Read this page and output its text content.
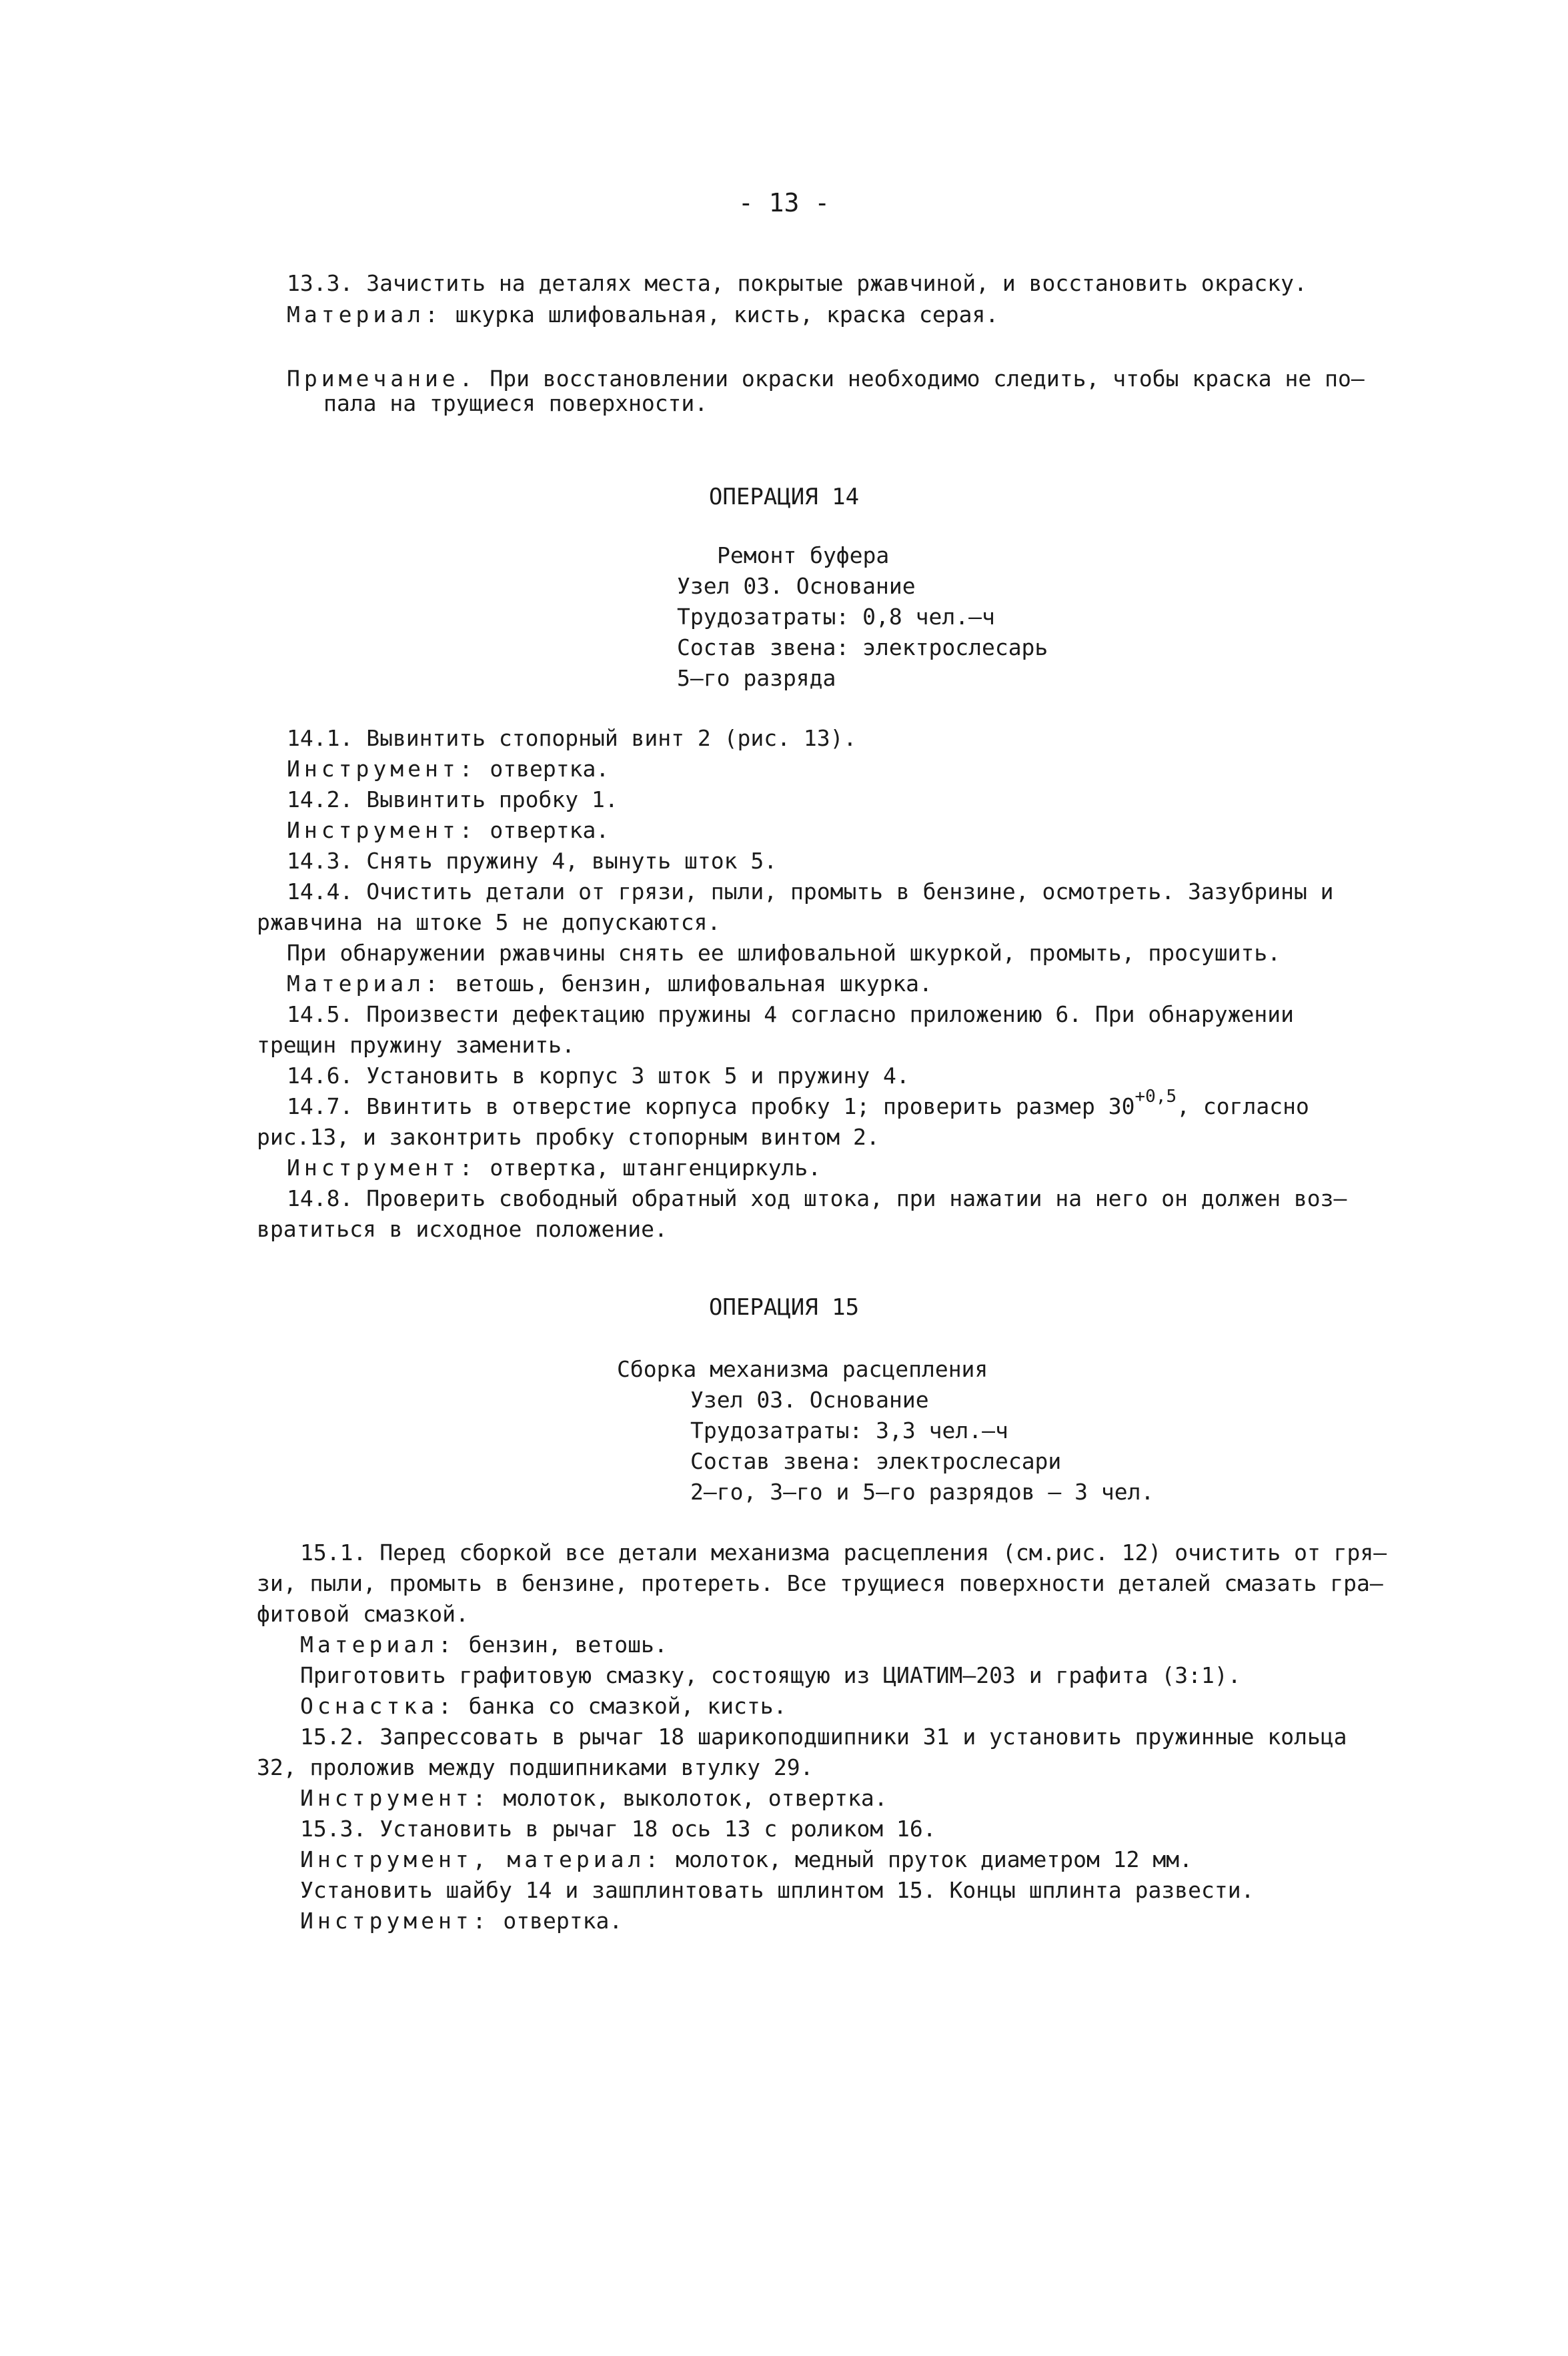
- 13 -
13.3. Зачистить на деталях места, покрытые ржавчиной, и восстановить окраску.
Материал: шкурка шлифовальная, кисть, краска серая.
Примечание. При восстановлении окраски необходимо следить, чтобы краска не по–
пала на трущиеся поверхности.
ОПЕРАЦИЯ 14
Ремонт буфера
Узел 03. Основание
Трудозатраты: 0,8 чел.–ч
Состав звена: электрослесарь
5–го разряда
14.1. Вывинтить стопорный винт 2 (рис. 13).
Инструмент: отвертка.
14.2. Вывинтить пробку 1.
Инструмент: отвертка.
14.3. Снять пружину 4, вынуть шток 5.
14.4. Очистить детали от грязи, пыли, промыть в бензине, осмотреть. Зазубрины и
ржавчина на штоке 5 не допускаются.
При обнаружении ржавчины снять ее шлифовальной шкуркой, промыть, просушить.
Материал: ветошь, бензин, шлифовальная шкурка.
14.5. Произвести дефектацию пружины 4 согласно приложению 6. При обнаружении
трещин пружину заменить.
14.6. Установить в корпус 3 шток 5 и пружину 4.
14.7. Ввинтить в отверстие корпуса пробку 1; проверить размер $30^{+0,5}$, согласно
рис.13, и законтрить пробку стопорным винтом 2.
Инструмент: отвертка, штангенциркуль.
14.8. Проверить свободный обратный ход штока, при нажатии на него он должен воз–
вратиться в исходное положение.
ОПЕРАЦИЯ 15
Сборка механизма расцепления
Узел 03. Основание
Трудозатраты: 3,3 чел.–ч
Состав звена: электрослесари
2–го, 3–го и 5–го разрядов – 3 чел.
15.1. Перед сборкой все детали механизма расцепления (см.рис. 12) очистить от гря–
зи, пыли, промыть в бензине, протереть. Все трущиеся поверхности деталей смазать гра–
фитовой смазкой.
Материал: бензин, ветошь.
Приготовить графитовую смазку, состоящую из ЦИАТИМ–203 и графита (3:1).
Оснастка: банка со смазкой, кисть.
15.2. Запрессовать в рычаг 18 шарикоподшипники 31 и установить пружинные кольца
32, проложив между подшипниками втулку 29.
Инструмент: молоток, выколоток, отвертка.
15.3. Установить в рычаг 18 ось 13 с роликом 16.
Инструмент, материал: молоток, медный пруток диаметром 12 мм.
Установить шайбу 14 и зашплинтовать шплинтом 15. Концы шплинта развести.
Инструмент: отвертка.
